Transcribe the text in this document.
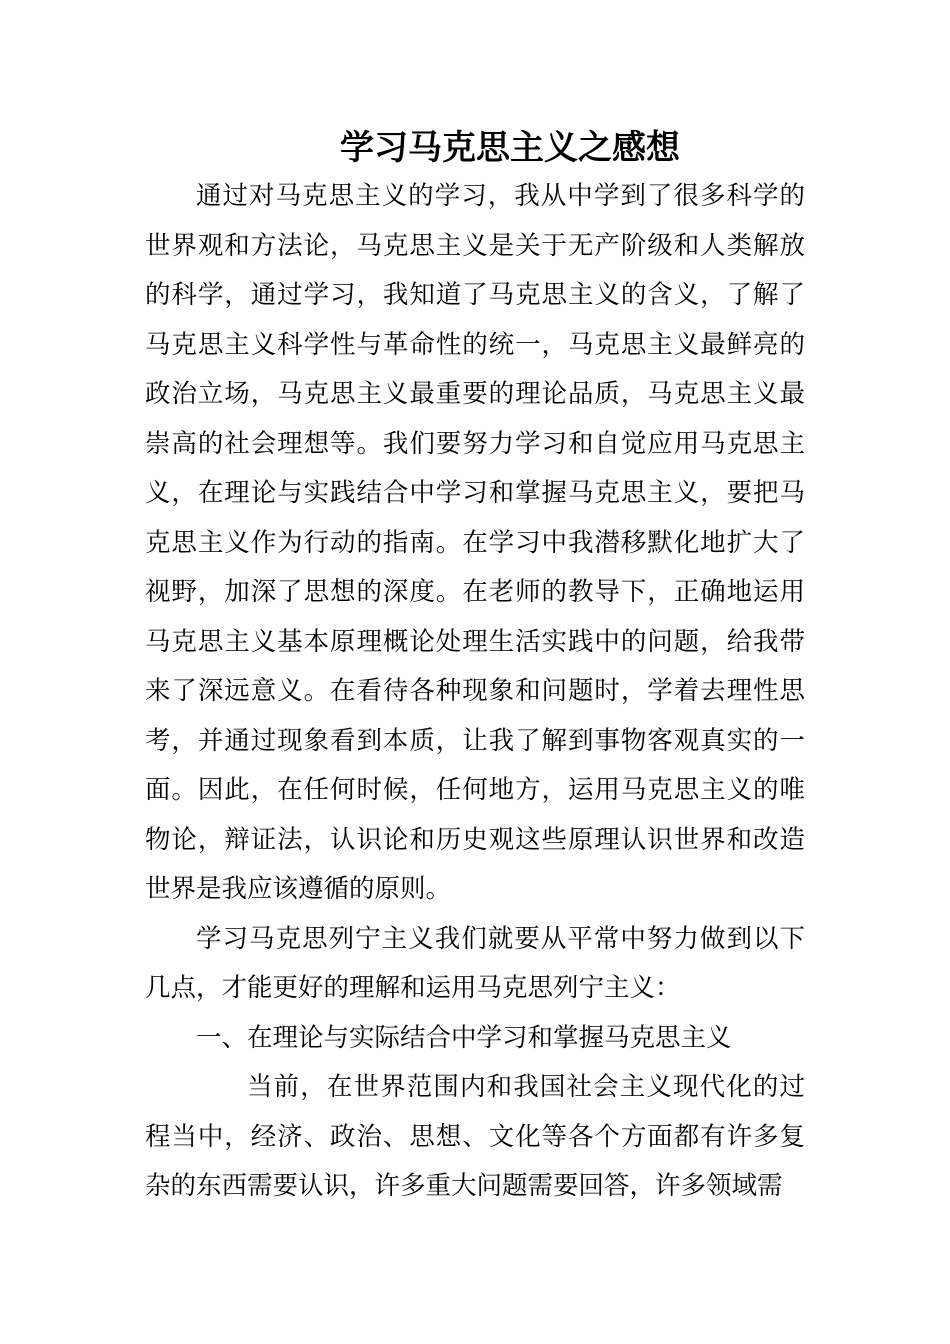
学习马克思主义之感想

通过对马克思主义的学习，我从中学到了很多科学的世界观和方法论，马克思主义是关于无产阶级和人类解放的科学，通过学习，我知道了马克思主义的含义，了解了马克思主义科学性与革命性的统一，马克思主义最鲜亮的政治立场，马克思主义最重要的理论品质，马克思主义最崇高的社会理想等。我们要努力学习和自觉应用马克思主义，在理论与实践结合中学习和掌握马克思主义，要把马克思主义作为行动的指南。在学习中我潜移默化地扩大了视野，加深了思想的深度。在老师的教导下，正确地运用马克思主义基本原理概论处理生活实践中的问题，给我带来了深远意义。在看待各种现象和问题时，学着去理性思考，并通过现象看到本质，让我了解到事物客观真实的一面。因此，在任何时候，任何地方，运用马克思主义的唯物论，辩证法，认识论和历史观这些原理认识世界和改造世界是我应该遵循的原则。

学习马克思列宁主义我们就要从平常中努力做到以下几点，才能更好的理解和运用马克思列宁主义：

一、在理论与实际结合中学习和掌握马克思主义

当前，在世界范围内和我国社会主义现代化的过程当中，经济、政治、思想、文化等各个方面都有许多复杂的东西需要认识，许多重大问题需要回答，许多领域需
